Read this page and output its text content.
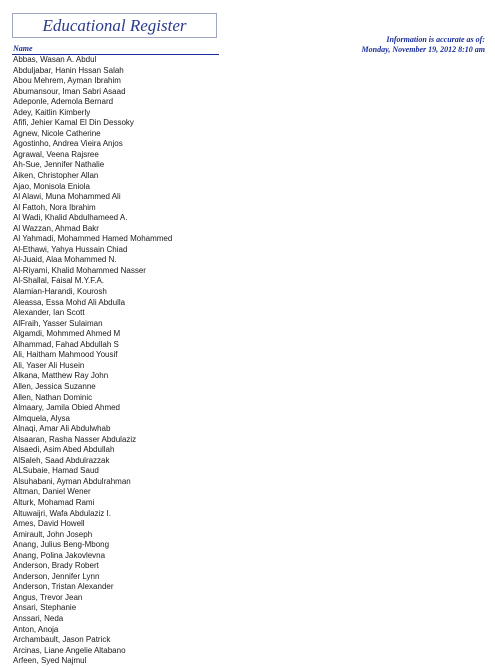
Educational Register
Name
Information is accurate as of:
Monday, November 19, 2012 8:10 am
Abbas, Wasan A. Abdul
Abduljabar, Hanin Hssan Salah
Abou Mehrem, Ayman Ibrahim
Abumansour, Iman Sabri Asaad
Adeponle, Ademola Bernard
Adey, Kaitlin Kimberly
Afifi, Jehier Kamal El Din Dessoky
Agnew, Nicole Catherine
Agostinho, Andrea Vieira Anjos
Agrawal, Veena Rajsree
Ah-Sue, Jennifer Nathalie
Aiken, Christopher Allan
Ajao, Monisola Eniola
Al Alawi, Muna Mohammed Ali
Al Fattoh, Nora Ibrahim
Al Wadi, Khalid Abdulhameed A.
Al Wazzan, Ahmad Bakr
Al Yahmadi, Mohammed Hamed Mohammed
Al-Ethawi, Yahya Hussain Chiad
Al-Juaid, Alaa Mohammed N.
Al-Riyami, Khalid Mohammed Nasser
Al-Shallal, Faisal M.Y.F.A.
Alamian-Harandi, Kourosh
Aleassa, Essa Mohd Ali Abdulla
Alexander, Ian Scott
AlFraih, Yasser Sulaiman
Algamdi, Mohmmed Ahmed M
Alhammad, Fahad Abdullah S
Ali, Haitham Mahmood Yousif
Ali, Yaser Ali Husein
Alkana, Matthew Ray John
Allen, Jessica Suzanne
Allen, Nathan Dominic
Almaary, Jamila Obied Ahmed
Almquela, Alysa
Alnaqi, Amar Ali Abdulwhab
Alsaaran, Rasha Nasser Abdulaziz
Alsaedi, Asim Abed Abdullah
AlSaleh, Saad Abdulrazzak
ALSubaie, Hamad Saud
Alsuhabani, Ayman Abdulrahman
Altman, Daniel Wener
Alturk, Mohamad Rami
Altuwaijri, Wafa Abdulaziz I.
Ames, David Howell
Amirault, John Joseph
Anang, Julius Beng-Mbong
Anang, Polina Jakovlevna
Anderson, Brady Robert
Anderson, Jennifer Lynn
Anderson, Tristan Alexander
Angus, Trevor Jean
Ansari, Stephanie
Anssari, Neda
Anton, Anoja
Archambault, Jason Patrick
Arcinas, Liane Angelie Altabano
Arfeen, Syed Najmul
